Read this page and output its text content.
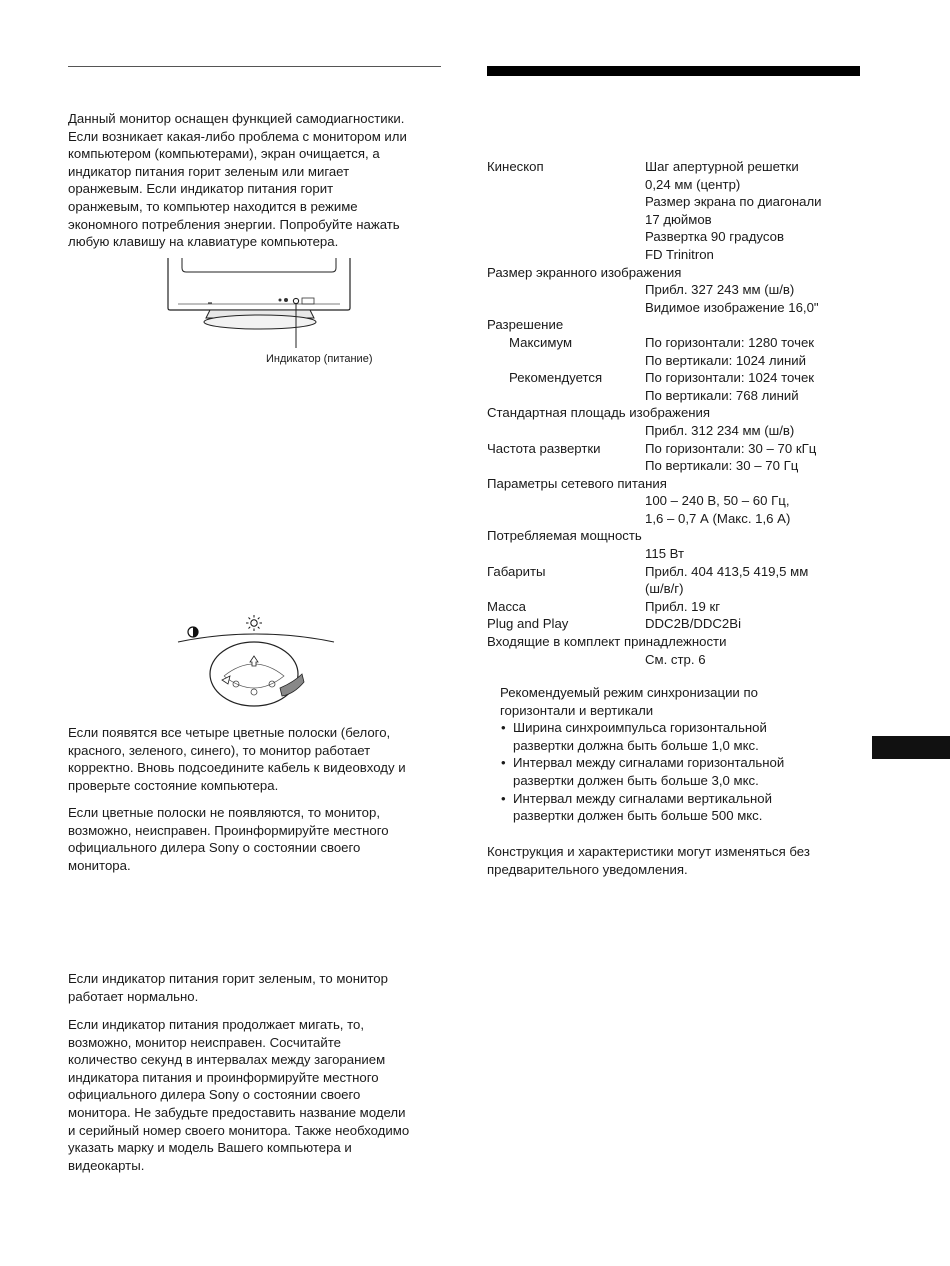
Данный монитор оснащен функцией самодиагностики.
Если возникает какая-либо проблема с монитором или
компьютером (компьютерами), экран очищается, а
индикатор питания горит зеленым или мигает
оранжевым. Если индикатор питания горит
оранжевым, то компьютер находится в режиме
экономного потребления энергии. Попробуйте нажать
любую клавишу на клавиатуре компьютера.

Индикатор (питание)

Если появятся все четыре цветные полоски (белого,
красного, зеленого, синего), то монитор работает
корректно. Вновь подсоедините кабель к видеовходу и
проверьте состояние компьютера.

Если цветные полоски не появляются, то монитор,
возможно, неисправен. Проинформируйте местного
официального дилера Sony о состоянии своего
монитора.

Если индикатор питания горит зеленым, то монитор
работает нормально.

Если индикатор питания продолжает мигать, то,
возможно, монитор неисправен. Сосчитайте
количество секунд в интервалах между загоранием
индикатора питания и проинформируйте местного
официального дилера Sony о состоянии своего
монитора. Не забудьте предоставить название модели
и серийный номер своего монитора. Также необходимо
указать марку и модель Вашего компьютера и
видеокарты.

Кинескоп	Шаг апертурной решетки
0,24 мм (центр)
Размер экрана по диагонали
17 дюймов
Развертка 90 градусов
FD Trinitron
Размер экранного изображения
Прибл. 327 243 мм (ш/в)
Видимое изображение 16,0"
Разрешение
Максимум	По горизонтали: 1280 точек
По вертикали: 1024 линий
Рекомендуется	По горизонтали: 1024 точек
По вертикали: 768 линий
Стандартная площадь изображения
Прибл. 312 234 мм (ш/в)
Частота развертки	По горизонтали: 30 – 70 кГц
По вертикали: 30 – 70 Гц
Параметры сетевого питания
100 – 240 В, 50 – 60 Гц,
1,6 – 0,7 А (Макс. 1,6 А)
Потребляемая мощность
115 Вт
Габариты	Прибл. 404 413,5 419,5 мм
(ш/в/г)
Масса	Прибл. 19 кг
Plug and Play	DDC2B/DDC2Bi
Входящие в комплект принадлежности
См. стр. 6
Рекомендуемый режим синхронизации по
горизонтали и вертикали
• Ширина синхроимпульса горизонтальной
развертки должна быть больше 1,0 мкс.
• Интервал между сигналами горизонтальной
развертки должен быть больше 3,0 мкс.
• Интервал между сигналами вертикальной
развертки должен быть больше 500 мкс.

Конструкция и характеристики могут изменяться без
предварительного уведомления.
